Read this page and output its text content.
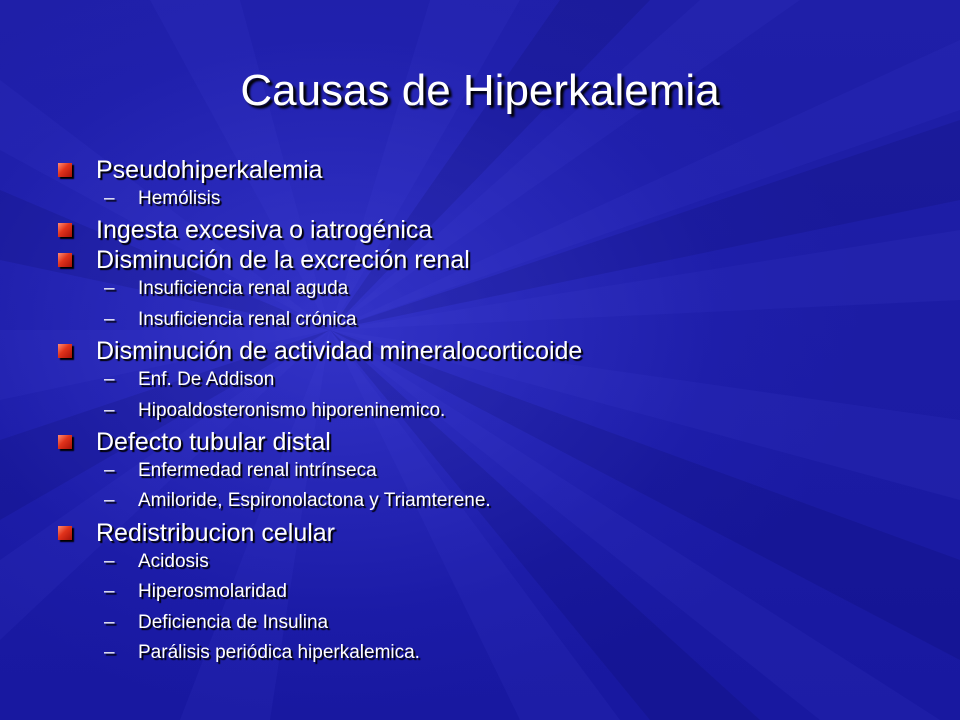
Causas de Hiperkalemia
Pseudohiperkalemia
– Hemólisis
Ingesta excesiva o iatrogénica
Disminución de la excreción renal
– Insuficiencia renal aguda
– Insuficiencia renal crónica
Disminución de actividad mineralocorticoide
– Enf. De Addison
– Hipoaldosteronismo hiporeninemico.
Defecto tubular distal
– Enfermedad renal intrínseca
– Amiloride, Espironolactona y Triamterene.
Redistribucion celular
– Acidosis
– Hiperosmolaridad
– Deficiencia de Insulina
– Parálisis periódica hiperkalemica.
